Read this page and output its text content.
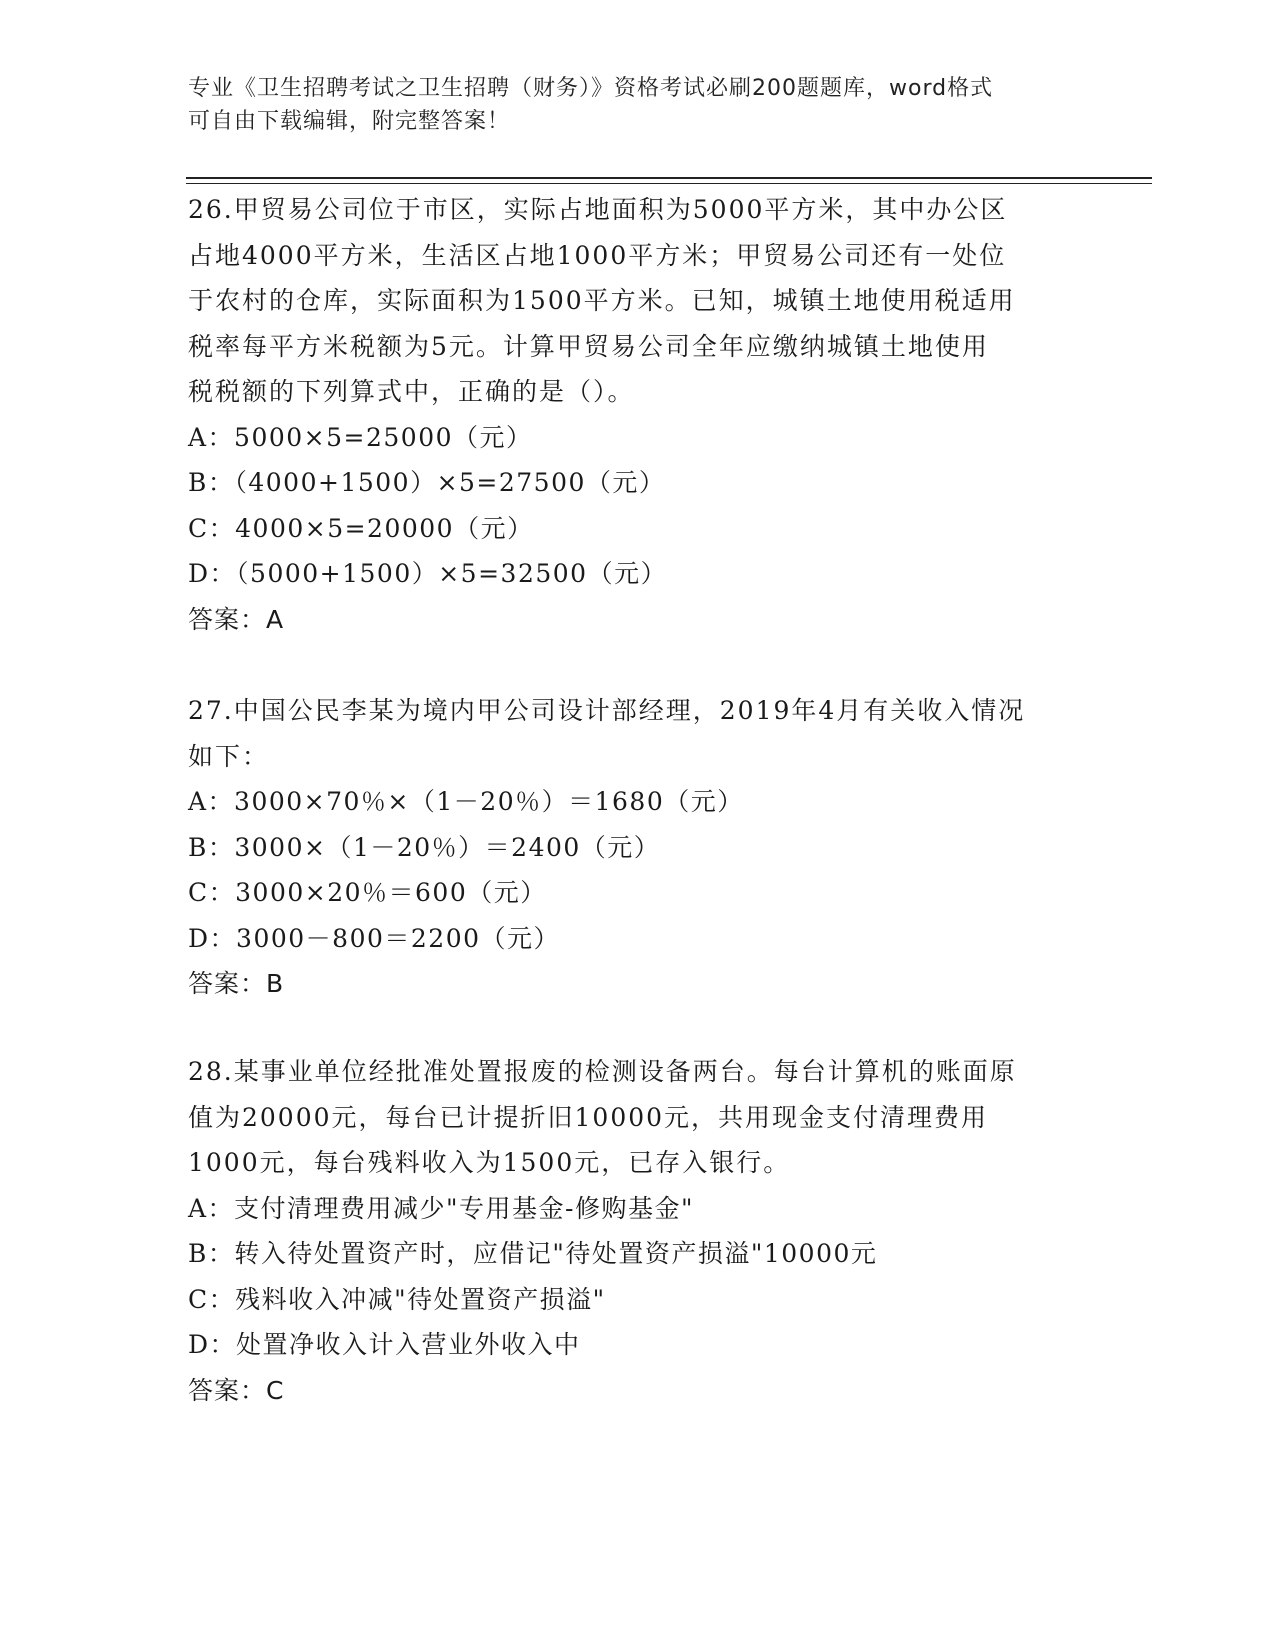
专业《卫生招聘考试之卫生招聘（财务）》资格考试必刷200题题库，word格式
可自由下载编辑，附完整答案！
26.甲贸易公司位于市区，实际占地面积为5000平方米，其中办公区
占地4000平方米，生活区占地1000平方米；甲贸易公司还有一处位
于农村的仓库，实际面积为1500平方米。已知，城镇土地使用税适用
税率每平方米税额为5元。计算甲贸易公司全年应缴纳城镇土地使用
税税额的下列算式中，正确的是（）。
A：5000×5=25000（元）
B：（4000+1500）×5=27500（元）
C：4000×5=20000（元）
D：（5000+1500）×5=32500（元）
答案：A
27.中国公民李某为境内甲公司设计部经理，2019年4月有关收入情况
如下：
A：3000×70％×（1－20％）＝1680（元）
B：3000×（1－20％）＝2400（元）
C：3000×20％＝600（元）
D：3000－800＝2200（元）
答案：B
28.某事业单位经批准处置报废的检测设备两台。每台计算机的账面原
值为20000元，每台已计提折旧10000元，共用现金支付清理费用
1000元，每台残料收入为1500元，已存入银行。
A：支付清理费用减少"专用基金-修购基金"
B：转入待处置资产时，应借记"待处置资产损溢"10000元
C：残料收入冲减"待处置资产损溢"
D：处置净收入计入营业外收入中
答案：C
